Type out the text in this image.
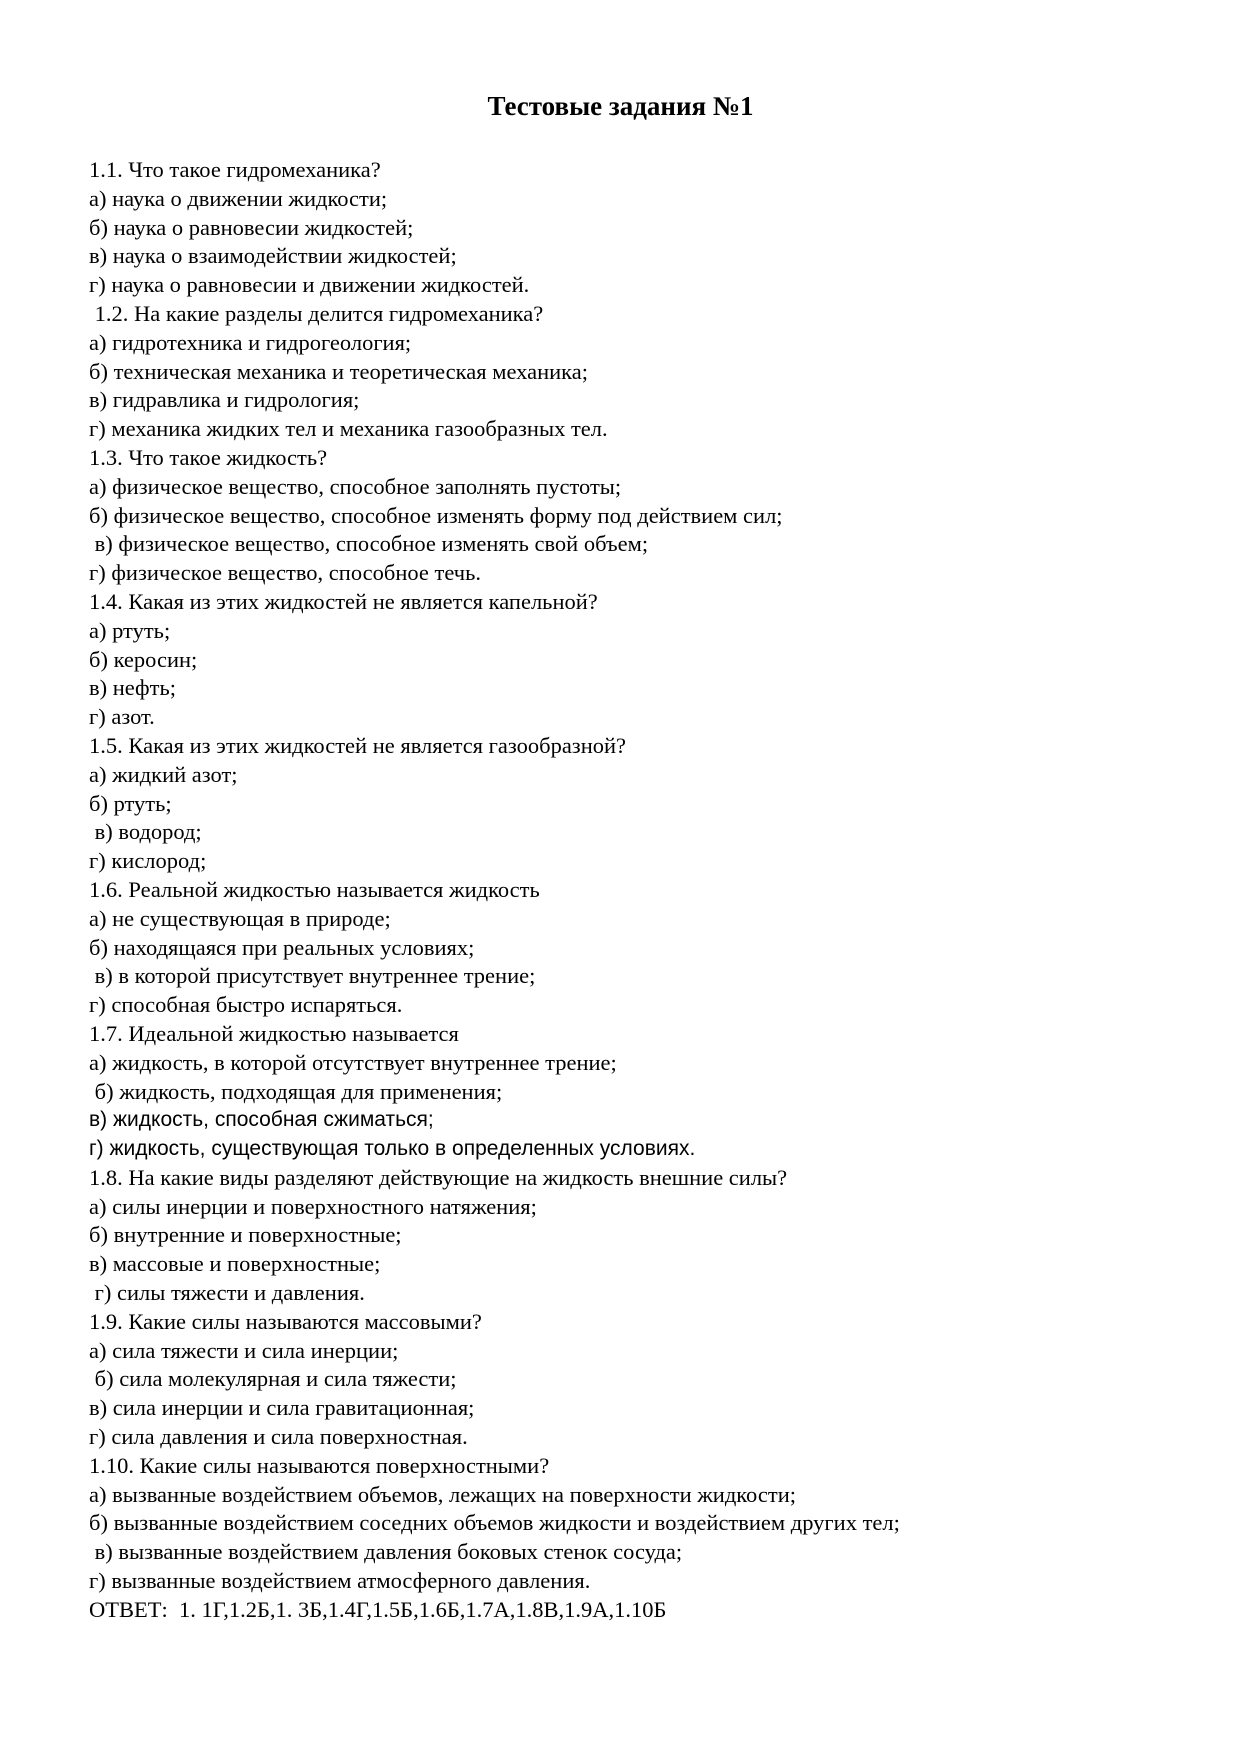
Тестовые задания №1
1.1. Что такое гидромеханика?
а) наука о движении жидкости;
б) наука о равновесии жидкостей;
в) наука о взаимодействии жидкостей;
г) наука о равновесии и движении жидкостей.
1.2. На какие разделы делится гидромеханика?
а) гидротехника и гидрогеология;
б) техническая механика и теоретическая механика;
в) гидравлика и гидрология;
г) механика жидких тел и механика газообразных тел.
1.3. Что такое жидкость?
а) физическое вещество, способное заполнять пустоты;
б) физическое вещество, способное изменять форму под действием сил;
в) физическое вещество, способное изменять свой объем;
г) физическое вещество, способное течь.
1.4. Какая из этих жидкостей не является капельной?
а) ртуть;
б) керосин;
в) нефть;
г) азот.
1.5. Какая из этих жидкостей не является газообразной?
а) жидкий азот;
б) ртуть;
в) водород;
г) кислород;
1.6. Реальной жидкостью называется жидкость
а) не существующая в природе;
б) находящаяся при реальных условиях;
в) в которой присутствует внутреннее трение;
г) способная быстро испаряться.
1.7. Идеальной жидкостью называется
а) жидкость, в которой отсутствует внутреннее трение;
б) жидкость, подходящая для применения;
в) жидкость, способная сжиматься;
г) жидкость, существующая только в определенных условиях.
1.8. На какие виды разделяют действующие на жидкость внешние силы?
а) силы инерции и поверхностного натяжения;
б) внутренние и поверхностные;
в) массовые и поверхностные;
г) силы тяжести и давления.
1.9. Какие силы называются массовыми?
а) сила тяжести и сила инерции;
б) сила молекулярная и сила тяжести;
в) сила инерции и сила гравитационная;
г) сила давления и сила поверхностная.
1.10. Какие силы называются поверхностными?
а) вызванные воздействием объемов, лежащих на поверхности жидкости;
б) вызванные воздействием соседних объемов жидкости и воздействием других тел;
в) вызванные воздействием давления боковых стенок сосуда;
г) вызванные воздействием атмосферного давления.
ОТВЕТ:  1. 1Г,1.2Б,1. 3Б,1.4Г,1.5Б,1.6Б,1.7А,1.8В,1.9А,1.10Б
